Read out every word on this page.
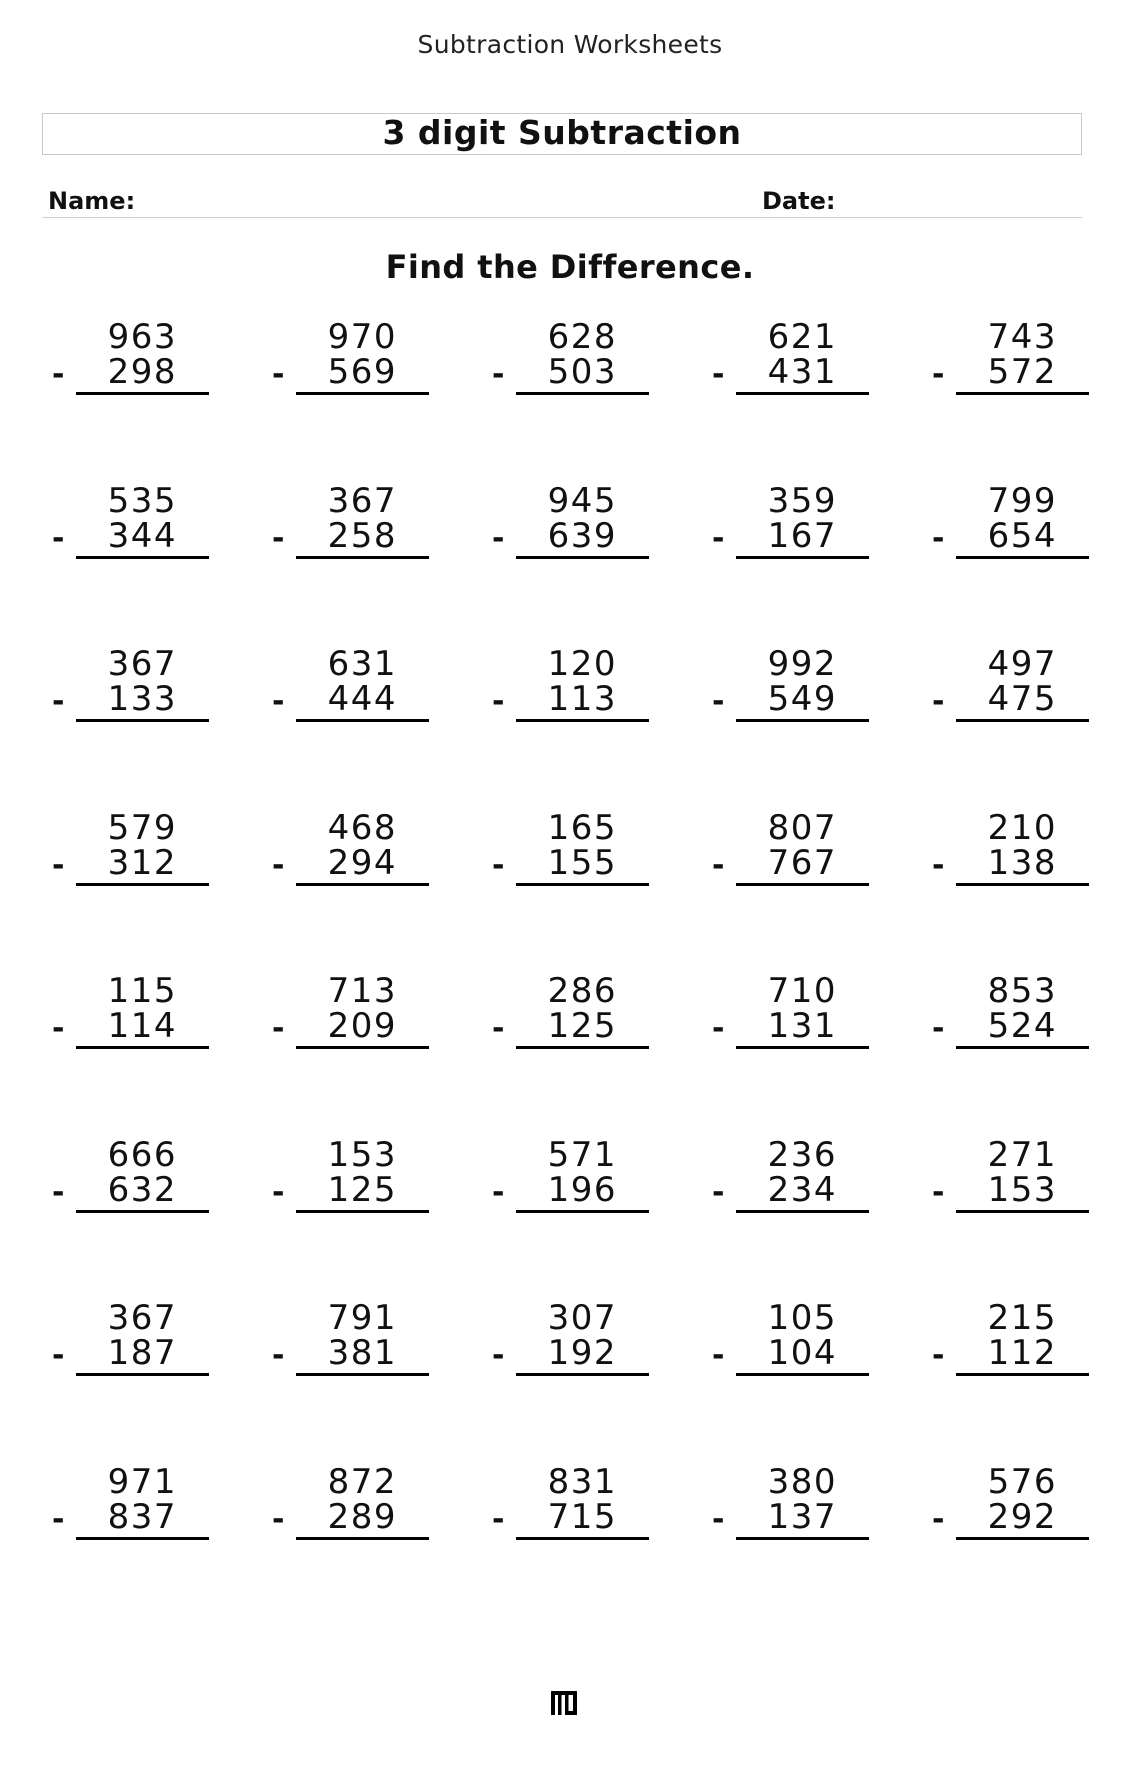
Subtraction Worksheets
3 digit Subtraction
Name:	Date:
Find the Difference.
963
298
-
970
569
-
628
503
-
621
431
-
743
572
-
535
344
-
367
258
-
945
639
-
359
167
-
799
654
-
367
133
-
631
444
-
120
113
-
992
549
-
497
475
-
579
312
-
468
294
-
165
155
-
807
767
-
210
138
-
115
114
-
713
209
-
286
125
-
710
131
-
853
524
-
666
632
-
153
125
-
571
196
-
236
234
-
271
153
-
367
187
-
791
381
-
307
192
-
105
104
-
215
112
-
971
837
-
872
289
-
831
715
-
380
137
-
576
292
-
